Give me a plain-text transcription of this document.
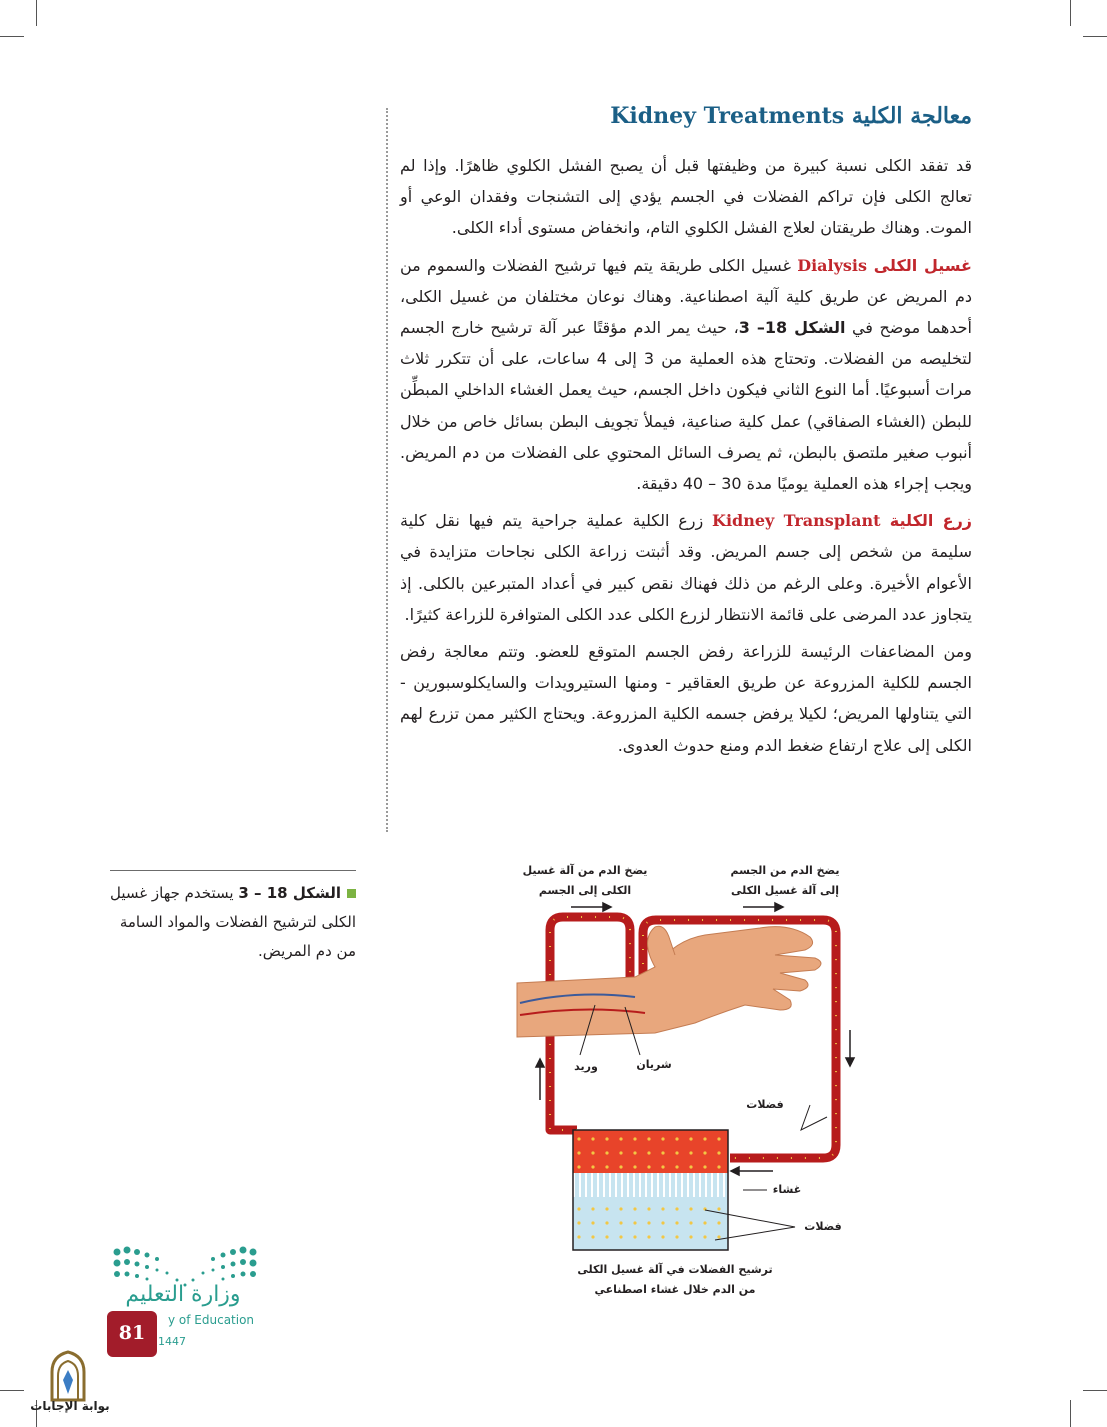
معالجة الكلية Kidney Treatments

قد تفقد الكلى نسبة كبيرة من وظيفتها قبل أن يصبح الفشل الكلوي ظاهرًا. وإذا لم تعالج الكلى فإن تراكم الفضلات في الجسم يؤدي إلى التشنجات وفقدان الوعي أو الموت. وهناك طريقتان لعلاج الفشل الكلوي التام، وانخفاض مستوى أداء الكلى.

غسيل الكلى Dialysis غسيل الكلى طريقة يتم فيها ترشيح الفضلات والسموم من دم المريض عن طريق كلية آلية اصطناعية. وهناك نوعان مختلفان من غسيل الكلى، أحدهما موضح في الشكل 18– 3، حيث يمر الدم مؤقتًا عبر آلة ترشيح خارج الجسم لتخليصه من الفضلات. وتحتاج هذه العملية من 3 إلى 4 ساعات، على أن تتكرر ثلاث مرات أسبوعيًا. أما النوع الثاني فيكون داخل الجسم، حيث يعمل الغشاء الداخلي المبطِّن للبطن (الغشاء الصفاقي) عمل كلية صناعية، فيملأ تجويف البطن بسائل خاص من خلال أنبوب صغير ملتصق بالبطن، ثم يصرف السائل المحتوي على الفضلات من دم المريض. ويجب إجراء هذه العملية يوميًا مدة 30 – 40 دقيقة.

زرع الكلية Kidney Transplant زرع الكلية عملية جراحية يتم فيها نقل كلية سليمة من شخص إلى جسم المريض. وقد أثبتت زراعة الكلى نجاحات متزايدة في الأعوام الأخيرة. وعلى الرغم من ذلك فهناك نقص كبير في أعداد المتبرعين بالكلى. إذ يتجاوز عدد المرضى على قائمة الانتظار لزرع الكلى عدد الكلى المتوافرة للزراعة كثيرًا.

ومن المضاعفات الرئيسة للزراعة رفض الجسم المتوقع للعضو. وتتم معالجة رفض الجسم للكلية المزروعة عن طريق العقاقير - ومنها الستيرويدات والسايكلوسبورين - التي يتناولها المريض؛ لكيلا يرفض جسمه الكلية المزروعة. ويحتاج الكثير ممن تزرع لهم الكلى إلى علاج ارتفاع ضغط الدم ومنع حدوث العدوى.

الشكل 18 – 3 يستخدم جهاز غسيل الكلى لترشيح الفضلات والمواد السامة من دم المريض.
يضخ الدم من الجسم
إلى آلة غسيل الكلى
يضخ الدم من آلة غسيل
الكلى إلى الجسم
شريان
وريد
فضلات
غشاء
فضلات
ترشيح الفضلات في آلة غسيل الكلى
من الدم خلال غشاء اصطناعي
وزارة التعليم
y of Education
1447
81
بوابة الإجابات
